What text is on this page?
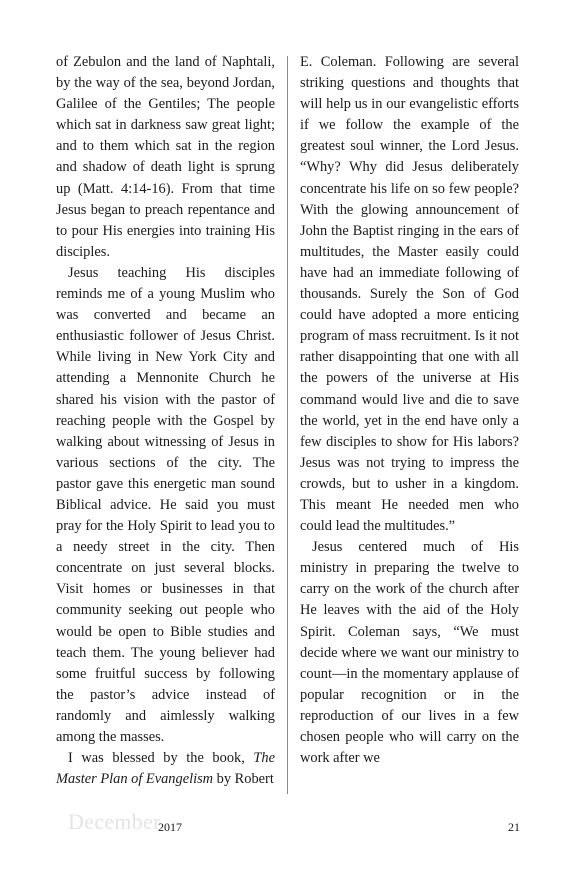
of Zebulon and the land of Naphtali, by the way of the sea, beyond Jordan, Galilee of the Gentiles; The people which sat in darkness saw great light; and to them which sat in the region and shadow of death light is sprung up (Matt. 4:14-16). From that time Jesus began to preach repentance and to pour His energies into training His disciples.

Jesus teaching His disciples reminds me of a young Muslim who was converted and became an enthusiastic follower of Jesus Christ. While living in New York City and attending a Mennonite Church he shared his vision with the pastor of reaching people with the Gospel by walking about witnessing of Jesus in various sections of the city. The pastor gave this energetic man sound Biblical advice. He said you must pray for the Holy Spirit to lead you to a needy street in the city. Then concentrate on just several blocks. Visit homes or businesses in that community seeking out people who would be open to Bible studies and teach them. The young believer had some fruitful success by following the pastor’s advice instead of randomly and aimlessly walking among the masses.

I was blessed by the book, The Master Plan of Evangelism by Robert

E. Coleman. Following are several striking questions and thoughts that will help us in our evangelistic efforts if we follow the example of the greatest soul winner, the Lord Jesus. “Why? Why did Jesus deliberately concentrate his life on so few people? With the glowing announcement of John the Baptist ringing in the ears of multitudes, the Master easily could have had an immediate following of thousands. Surely the Son of God could have adopted a more enticing program of mass recruitment. Is it not rather disappointing that one with all the powers of the universe at His command would live and die to save the world, yet in the end have only a few disciples to show for His labors? Jesus was not trying to impress the crowds, but to usher in a kingdom. This meant He needed men who could lead the multitudes.”

Jesus centered much of His ministry in preparing the twelve to carry on the work of the church after He leaves with the aid of the Holy Spirit. Coleman says, “We must decide where we want our ministry to count—in the momentary applause of popular recognition or in the reproduction of our lives in a few chosen people who will carry on the work after we

December
2017	21
